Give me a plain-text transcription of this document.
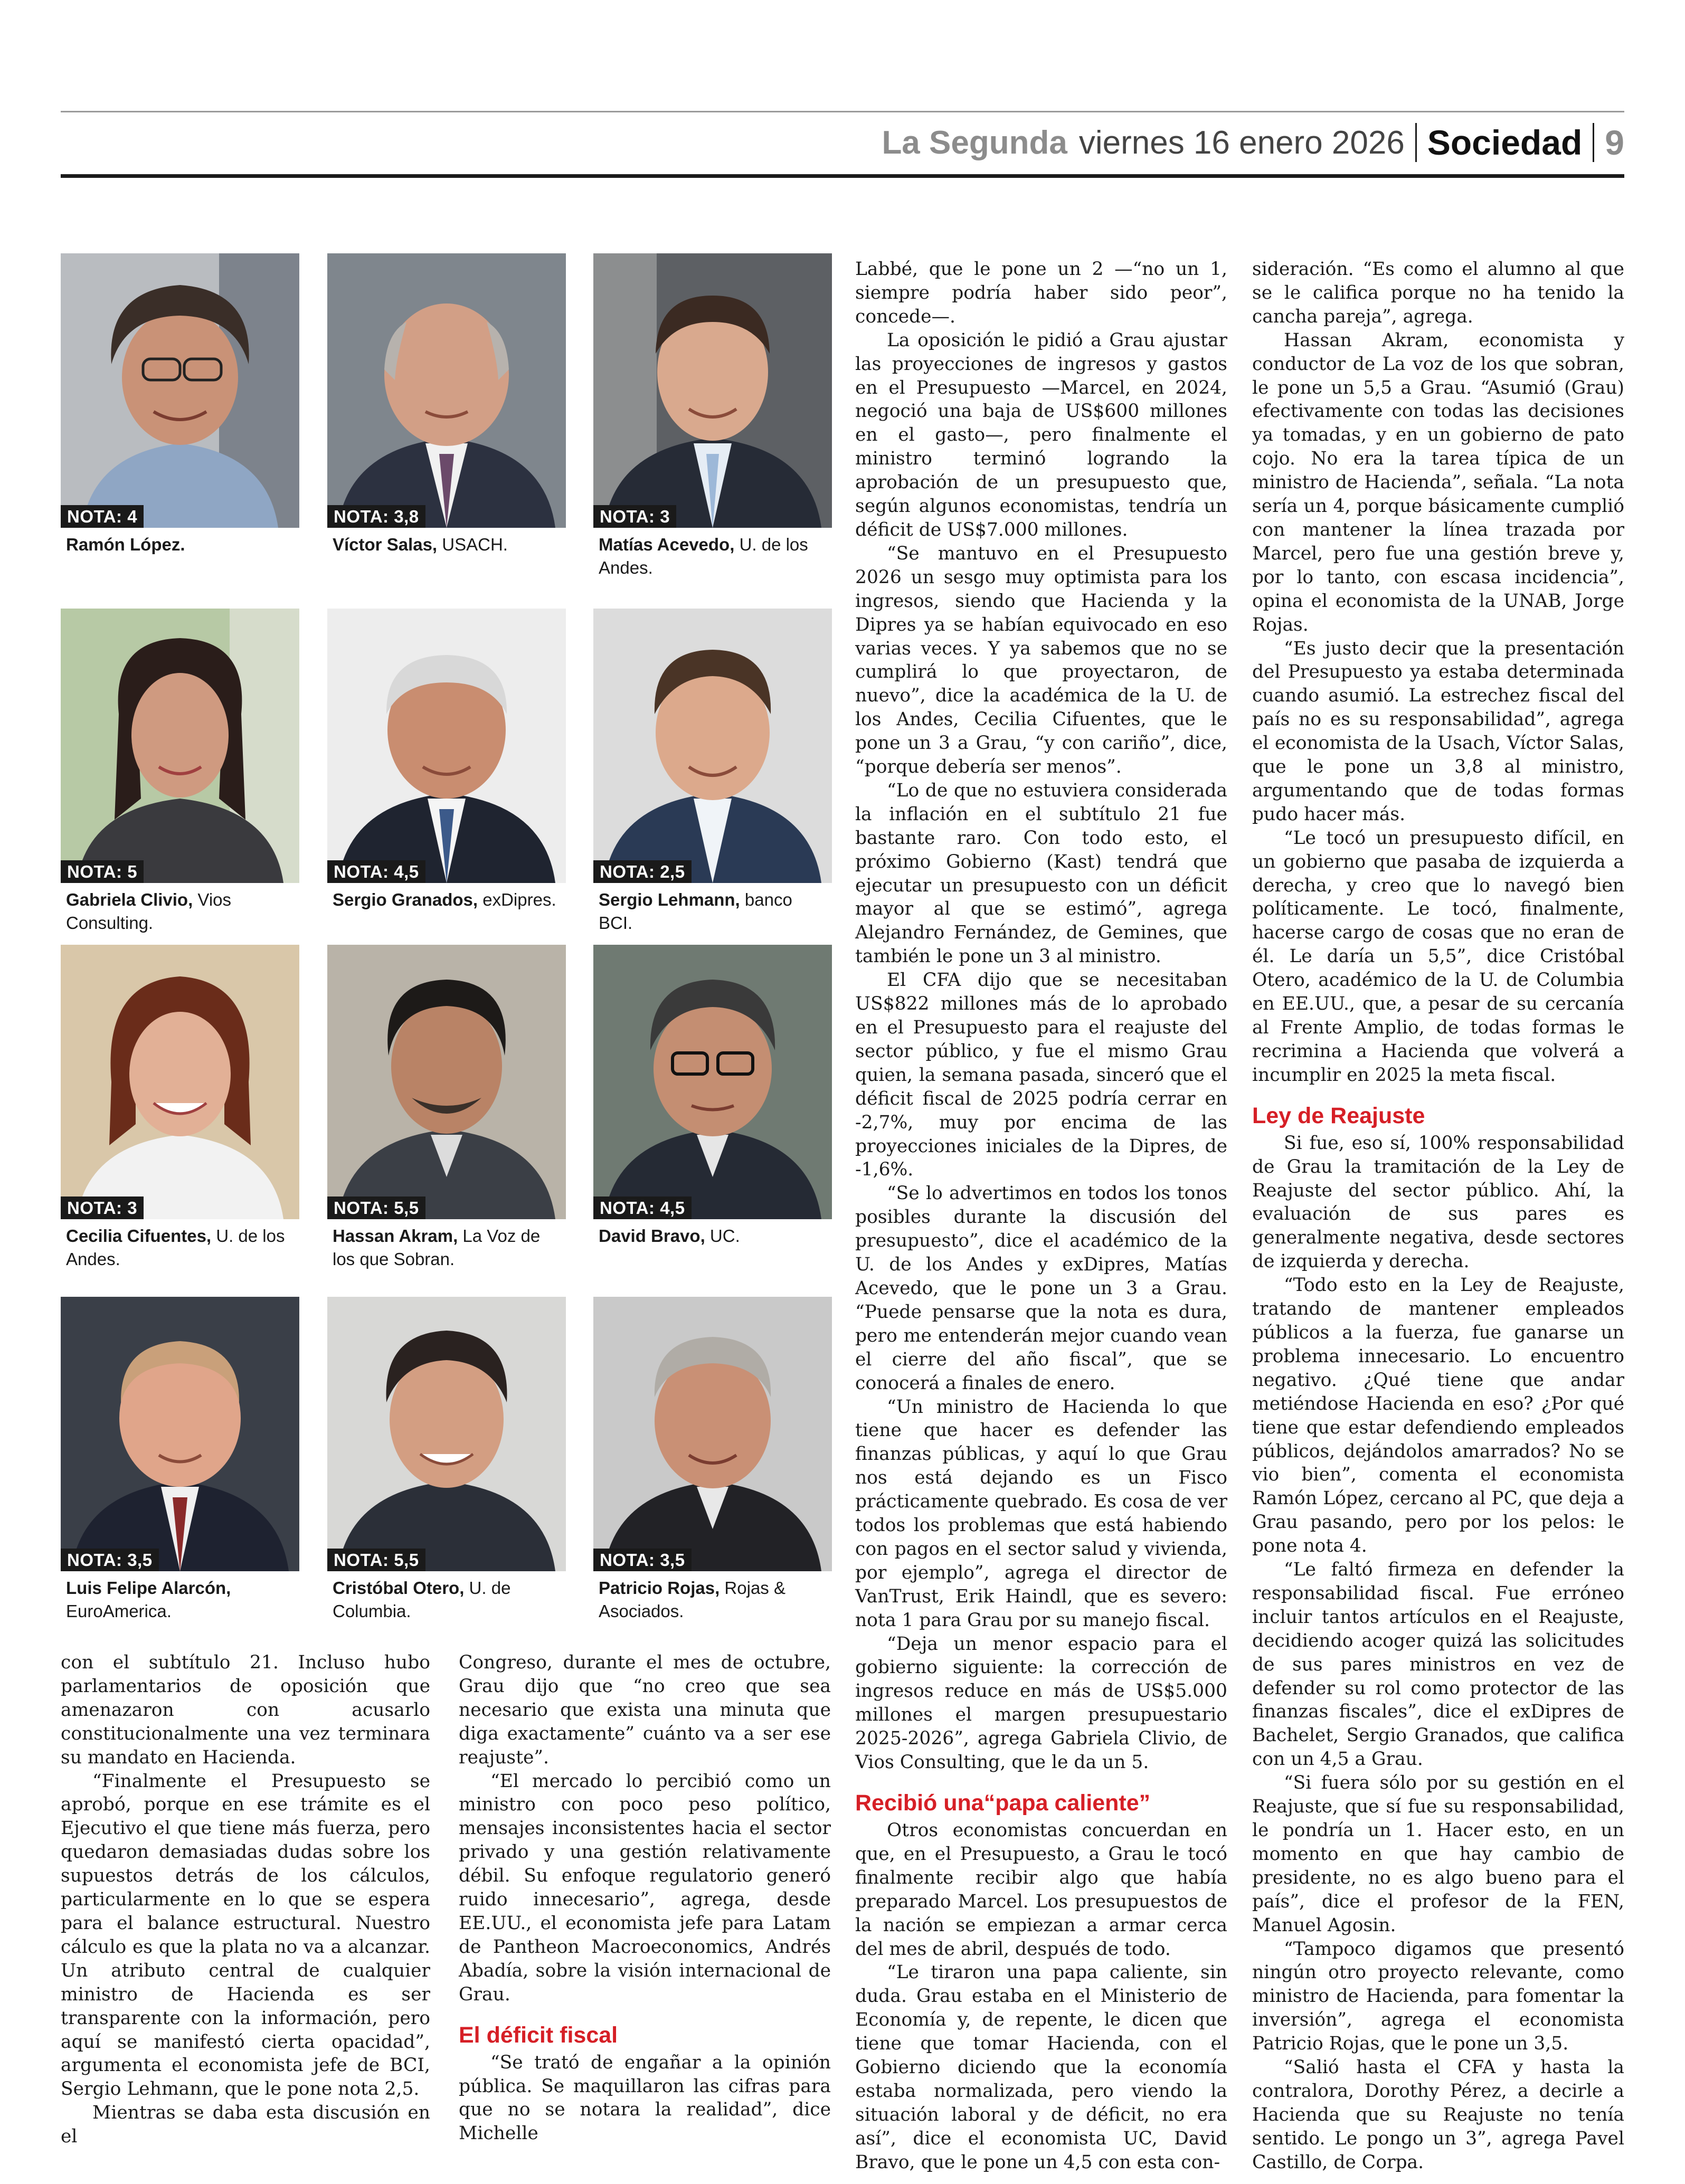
La Segunda viernes 16 enero 2026 Sociedad 9
NOTA: 4
Ramón López.
NOTA: 3,8
Víctor Salas, USACH.
NOTA: 3
Matías Acevedo, U. de los Andes.
NOTA: 5
Gabriela Clivio, Vios Consulting.
NOTA: 4,5
Sergio Granados, exDipres.
NOTA: 2,5
Sergio Lehmann, banco BCI.
NOTA: 3
Cecilia Cifuentes, U. de los Andes.
NOTA: 5,5
Hassan Akram, La Voz de los que Sobran.
NOTA: 4,5
David Bravo, UC.
NOTA: 3,5
Luis Felipe Alarcón, EuroAmerica.
NOTA: 5,5
Cristóbal Otero, U. de Columbia.
NOTA: 3,5
Patricio Rojas, Rojas & Asociados.

con el subtítulo 21. Incluso hubo parlamentarios de oposición que amenazaron con acusarlo constitucionalmente una vez terminara su mandato en Hacienda.

“Finalmente el Presupuesto se aprobó, porque en ese trámite es el Ejecutivo el que tiene más fuerza, pero quedaron demasiadas dudas sobre los supuestos detrás de los cálculos, particularmente en lo que se espera para el balance estructural. Nuestro cálculo es que la plata no va a alcanzar. Un atributo central de cualquier ministro de Hacienda es ser transparente con la información, pero aquí se manifestó cierta opacidad”, argumenta el economista jefe de BCI, Sergio Lehmann, que le pone nota 2,5.

Mientras se daba esta discusión en el

Congreso, durante el mes de octubre, Grau dijo que “no creo que sea necesario que exista una minuta que diga exactamente” cuánto va a ser ese reajuste”.

“El mercado lo percibió como un ministro con poco peso político, mensajes inconsistentes hacia el sector privado y una gestión relativamente débil. Su enfoque regulatorio generó ruido innecesario”, agrega, desde EE.UU., el economista jefe para Latam de Pantheon Macroeconomics, Andrés Abadía, sobre la visión internacional de Grau.

El déficit fiscal

“Se trató de engañar a la opinión pública. Se maquillaron las cifras para que no se notara la realidad”, dice Michelle

Labbé, que le pone un 2 —“no un 1, siempre podría haber sido peor”, concede—.

La oposición le pidió a Grau ajustar las proyecciones de ingresos y gastos en el Presupuesto —Marcel, en 2024, negoció una baja de US$600 millones en el gasto—, pero finalmente el ministro terminó logrando la aprobación de un presupuesto que, según algunos economistas, tendría un déficit de US$7.000 millones.

“Se mantuvo en el Presupuesto 2026 un sesgo muy optimista para los ingresos, siendo que Hacienda y la Dipres ya se habían equivocado en eso varias veces. Y ya sabemos que no se cumplirá lo que proyectaron, de nuevo”, dice la académica de la U. de los Andes, Cecilia Cifuentes, que le pone un 3 a Grau, “y con cariño”, dice, “porque debería ser menos”.

“Lo de que no estuviera considerada la inflación en el subtítulo 21 fue bastante raro. Con todo esto, el próximo Gobierno (Kast) tendrá que ejecutar un presupuesto con un déficit mayor al que se estimó”, agrega Alejandro Fernández, de Gemines, que también le pone un 3 al ministro.

El CFA dijo que se necesitaban US$822 millones más de lo aprobado en el Presupuesto para el reajuste del sector público, y fue el mismo Grau quien, la semana pasada, sinceró que el déficit fiscal de 2025 podría cerrar en -2,7%, muy por encima de las proyecciones iniciales de la Dipres, de -1,6%.

“Se lo advertimos en todos los tonos posibles durante la discusión del presupuesto”, dice el académico de la U. de los Andes y exDipres, Matías Acevedo, que le pone un 3 a Grau. “Puede pensarse que la nota es dura, pero me entenderán mejor cuando vean el cierre del año fiscal”, que se conocerá a finales de enero.

“Un ministro de Hacienda lo que tiene que hacer es defender las finanzas públicas, y aquí lo que Grau nos está dejando es un Fisco prácticamente quebrado. Es cosa de ver todos los problemas que está habiendo con pagos en el sector salud y vivienda, por ejemplo”, agrega el director de VanTrust, Erik Haindl, que es severo: nota 1 para Grau por su manejo fiscal.

“Deja un menor espacio para el gobierno siguiente: la corrección de ingresos reduce en más de US$5.000 millones el margen presupuestario 2025-2026”, agrega Gabriela Clivio, de Vios Consulting, que le da un 5.

Recibió una“papa caliente”

Otros economistas concuerdan en que, en el Presupuesto, a Grau le tocó finalmente recibir algo que había preparado Marcel. Los presupuestos de la nación se empiezan a armar cerca del mes de abril, después de todo.

“Le tiraron una papa caliente, sin duda. Grau estaba en el Ministerio de Economía y, de repente, le dicen que tiene que tomar Hacienda, con el Gobierno diciendo que la economía estaba normalizada, pero viendo la situación laboral y de déficit, no era así”, dice el economista UC, David Bravo, que le pone un 4,5 con esta con-

sideración. “Es como el alumno al que se le califica porque no ha tenido la cancha pareja”, agrega.

Hassan Akram, economista y conductor de La voz de los que sobran, le pone un 5,5 a Grau. “Asumió (Grau) efectivamente con todas las decisiones ya tomadas, y en un gobierno de pato cojo. No era la tarea típica de un ministro de Hacienda”, señala. “La nota sería un 4, porque básicamente cumplió con mantener la línea trazada por Marcel, pero fue una gestión breve y, por lo tanto, con escasa incidencia”, opina el economista de la UNAB, Jorge Rojas.

“Es justo decir que la presentación del Presupuesto ya estaba determinada cuando asumió. La estrechez fiscal del país no es su responsabilidad”, agrega el economista de la Usach, Víctor Salas, que le pone un 3,8 al ministro, argumentando que de todas formas pudo hacer más.

“Le tocó un presupuesto difícil, en un gobierno que pasaba de izquierda a derecha, y creo que lo navegó bien políticamente. Le tocó, finalmente, hacerse cargo de cosas que no eran de él. Le daría un 5,5”, dice Cristóbal Otero, académico de la U. de Columbia en EE.UU., que, a pesar de su cercanía al Frente Amplio, de todas formas le recrimina a Hacienda que volverá a incumplir en 2025 la meta fiscal.

Ley de Reajuste

Si fue, eso sí, 100% responsabilidad de Grau la tramitación de la Ley de Reajuste del sector público. Ahí, la evaluación de sus pares es generalmente negativa, desde sectores de izquierda y derecha.

“Todo esto en la Ley de Reajuste, tratando de mantener empleados públicos a la fuerza, fue ganarse un problema innecesario. Lo encuentro negativo. ¿Qué tiene que andar metiéndose Hacienda en eso? ¿Por qué tiene que estar defendiendo empleados públicos, dejándolos amarrados? No se vio bien”, comenta el economista Ramón López, cercano al PC, que deja a Grau pasando, pero por los pelos: le pone nota 4.

“Le faltó firmeza en defender la responsabilidad fiscal. Fue erróneo incluir tantos artículos en el Reajuste, decidiendo acoger quizá las solicitudes de sus pares ministros en vez de defender su rol como protector de las finanzas fiscales”, dice el exDipres de Bachelet, Sergio Granados, que califica con un 4,5 a Grau.

“Si fuera sólo por su gestión en el Reajuste, que sí fue su responsabilidad, le pondría un 1. Hacer esto, en un momento en que hay cambio de presidente, no es algo bueno para el país”, dice el profesor de la FEN, Manuel Agosin.

“Tampoco digamos que presentó ningún otro proyecto relevante, como ministro de Hacienda, para fomentar la inversión”, agrega el economista Patricio Rojas, que le pone un 3,5.

“Salió hasta el CFA y hasta la contralora, Dorothy Pérez, a decirle a Hacienda que su Reajuste no tenía sentido. Le pongo un 3”, agrega Pavel Castillo, de Corpa.
